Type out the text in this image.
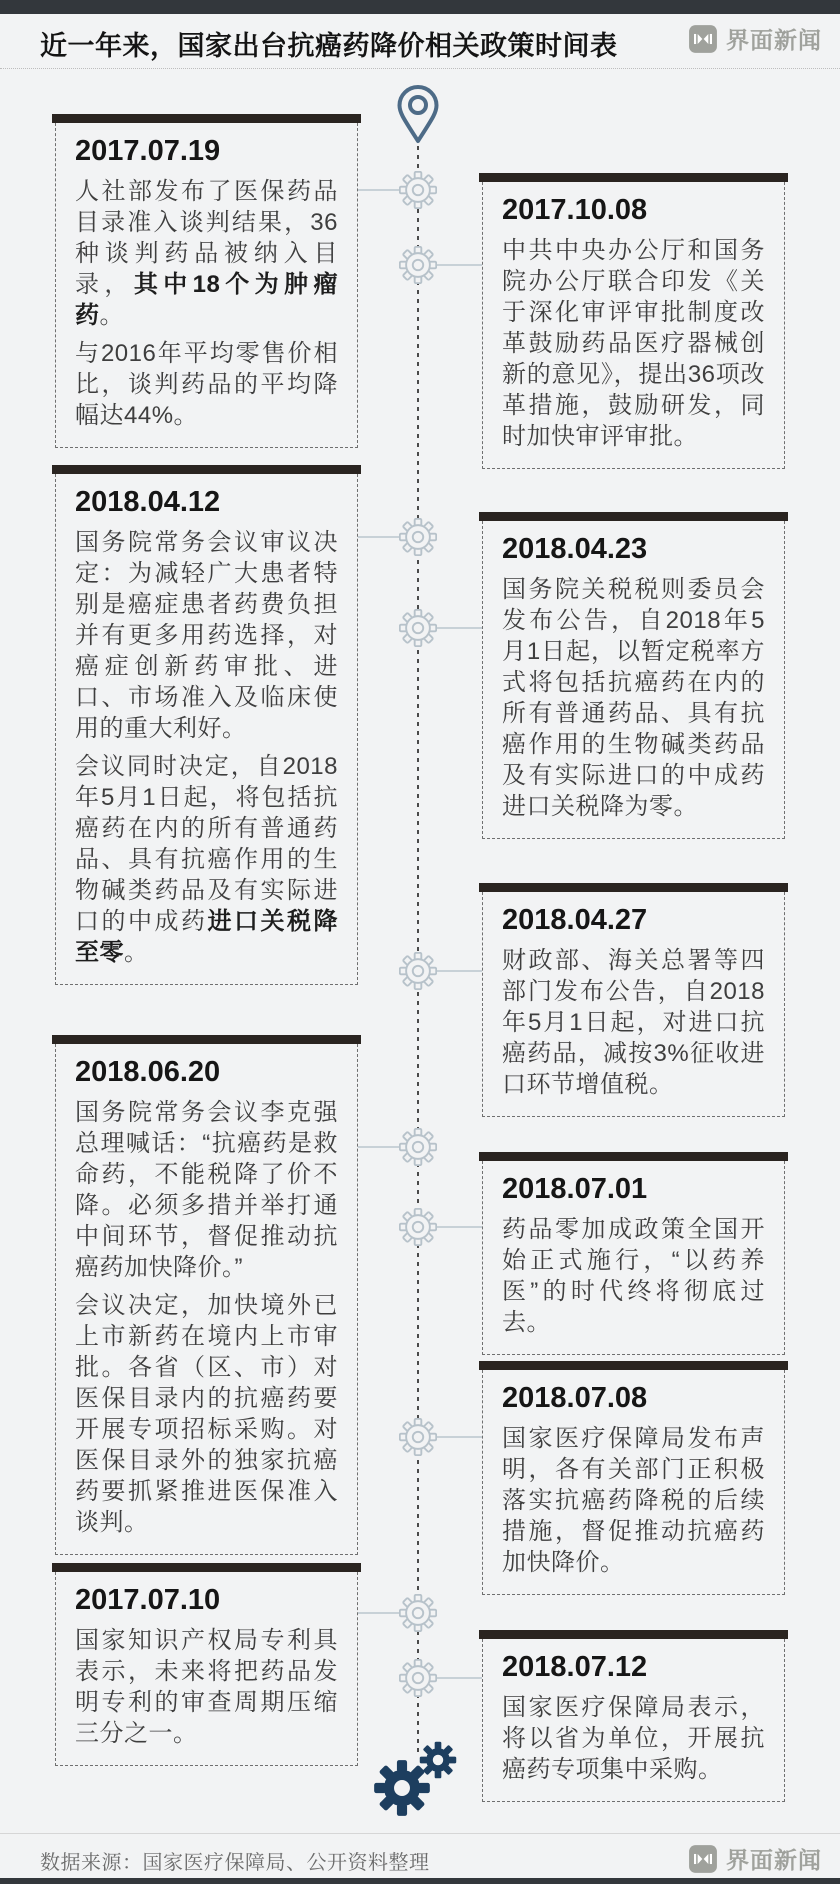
近一年来，国家出台抗癌药降价相关政策时间表	界面新闻
2017.07.19

人社部发布了医保药品目录准入谈判结果，36种谈判药品被纳入目录，其中18个为肿瘤药。

与2016年平均零售价相比，谈判药品的平均降幅达44%。

2017.10.08

中共中央办公厅和国务院办公厅联合印发《关于深化审评审批制度改革鼓励药品医疗器械创新的意见》，提出36项改革措施，鼓励研发，同时加快审评审批。

2018.04.12

国务院常务会议审议决定：为减轻广大患者特别是癌症患者药费负担并有更多用药选择，对癌症创新药审批、进口、市场准入及临床使用的重大利好。

会议同时决定，自2018年5月1日起，将包括抗癌药在内的所有普通药品、具有抗癌作用的生物碱类药品及有实际进口的中成药进口关税降至零。

2018.04.23

国务院关税税则委员会发布公告，自2018年5月1日起，以暂定税率方式将包括抗癌药在内的所有普通药品、具有抗癌作用的生物碱类药品及有实际进口的中成药进口关税降为零。

2018.04.27

财政部、海关总署等四部门发布公告，自2018年5月1日起，对进口抗癌药品，减按3%征收进口环节增值税。

2018.06.20

国务院常务会议李克强总理喊话：“抗癌药是救命药，不能税降了价不降。必须多措并举打通中间环节，督促推动抗癌药加快降价。”

会议决定，加快境外已上市新药在境内上市审批。各省（区、市）对医保目录内的抗癌药要开展专项招标采购。对医保目录外的独家抗癌药要抓紧推进医保准入谈判。

2018.07.01

药品零加成政策全国开始正式施行，“以药养医”的时代终将彻底过去。

2018.07.08

国家医疗保障局发布声明，各有关部门正积极落实抗癌药降税的后续措施，督促推动抗癌药加快降价。

2017.07.10

国家知识产权局专利具表示，未来将把药品发明专利的审查周期压缩三分之一。

2018.07.12

国家医疗保障局表示，将以省为单位，开展抗癌药专项集中采购。

数据来源：国家医疗保障局、公开资料整理	界面新闻
